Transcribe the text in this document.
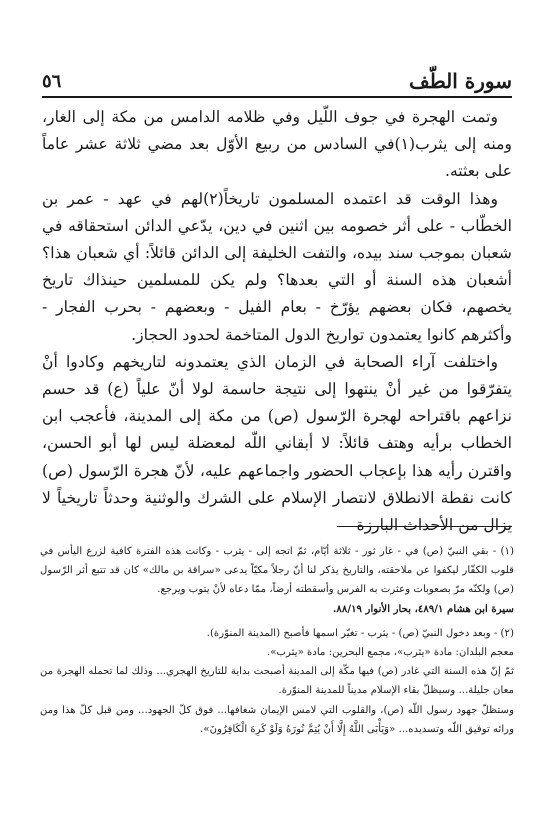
سورة الطّف
٥٦

وتمت الهجرة في جوف اللّيل وفي ظلامه الدامس من مكة إلى الغار، ومنه إلى يثرب(١)في السادس من ربيع الأوّل بعد مضي ثلاثة عشر عاماً على بعثته.

وهذا الوقت قد اعتمده المسلمون تاريخاً(٢)لهم في عهد - عمر بن الخطّاب - على أثر خصومه بين اثنين في دين، يدّعي الدائن استحقاقه في شعبان بموجب سند بيده، والتفت الخليفة إلى الدائن قائلاً: أي شعبان هذا؟ أشعبان هذه السنة أو التي بعدها؟ ولم يكن للمسلمين حينذاك تاريخ يخصهم، فكان بعضهم يؤرّخ - بعام الفيل - وبعضهم - بحرب الفجار - وأكثرهم كانوا يعتمدون تواريخ الدول المتاخمة لحدود الحجاز.

واختلفت آراء الصحابة في الزمان الذي يعتمدونه لتاريخهم وكادوا أنْ يتفرّقوا من غير أنْ ينتهوا إلى نتيجة حاسمة لولا أنّ علياً (ع) قد حسم نزاعهم باقتراحه لهجرة الرّسول (ص) من مكة إلى المدينة، فأعجب ابن الخطاب برأيه وهتف قائلاً: لا أبقاني اللّه لمعضلة ليس لها أبو الحسن، واقترن رأيه هذا بإعجاب الحضور واجماعهم عليه، لأنّ هجرة الرّسول (ص) كانت نقطة الانطلاق لانتصار الإسلام على الشرك والوثنية وحدثاً تاريخياً لا يزال من الأحداث البارزة

(١) - بقي النبيّ (ص) في - غار ثور - ثلاثة أيّام، ثمّ اتجه إلى - يثرب - وكانت هذه الفترة كافية لزرع اليأس في قلوب الكفّار ليكفوا عن ملاحقته، والتاريخ يذكر لنا أنّ رجلاً مكيّاً يدعى «سراقة بن مالك» كان قد تتبع أثر الرّسول (ص) ولكنّه مرّ بصعوبات وعثرت به الفرس وأسقطته أرضاً، ممّا دعاه لأنْ يتوب ويرجع.

سيرة ابن هشام ٤٨٩/١، بحار الأنوار ٨٨/١٩.

(٢) - وبعد دخول النبيّ (ص) - يثرب - تغيّر اسمها فأصبح (المدينة المنوّرة).

معجم البلدان: مادة «يثرب»، مجمع البحرين: مادة «يثرب».

ثمّ إنّ هذه السنة التي غادر (ص) فيها مكّة إلى المدينة أصبحت بداية للتاريخ الهجري... وذلك لما تحمله الهجرة من معان جليلة... وسيظلّ بقاء الإسلام مديناً للمدينة المنوّرة.

وستظلّ جهود رسول اللّه (ص)، والقلوب التي لامس الإيمان شغافها... فوق كلّ الجهود... ومن قبل كلّ هذا ومن ورائه توفيق اللّه وتسديده... «وَيَأْبَى اللَّهُ إِلَّا أَنْ يُتِمَّ نُورَهُ وَلَوْ كَرِهَ الْكَافِرُونَ».
